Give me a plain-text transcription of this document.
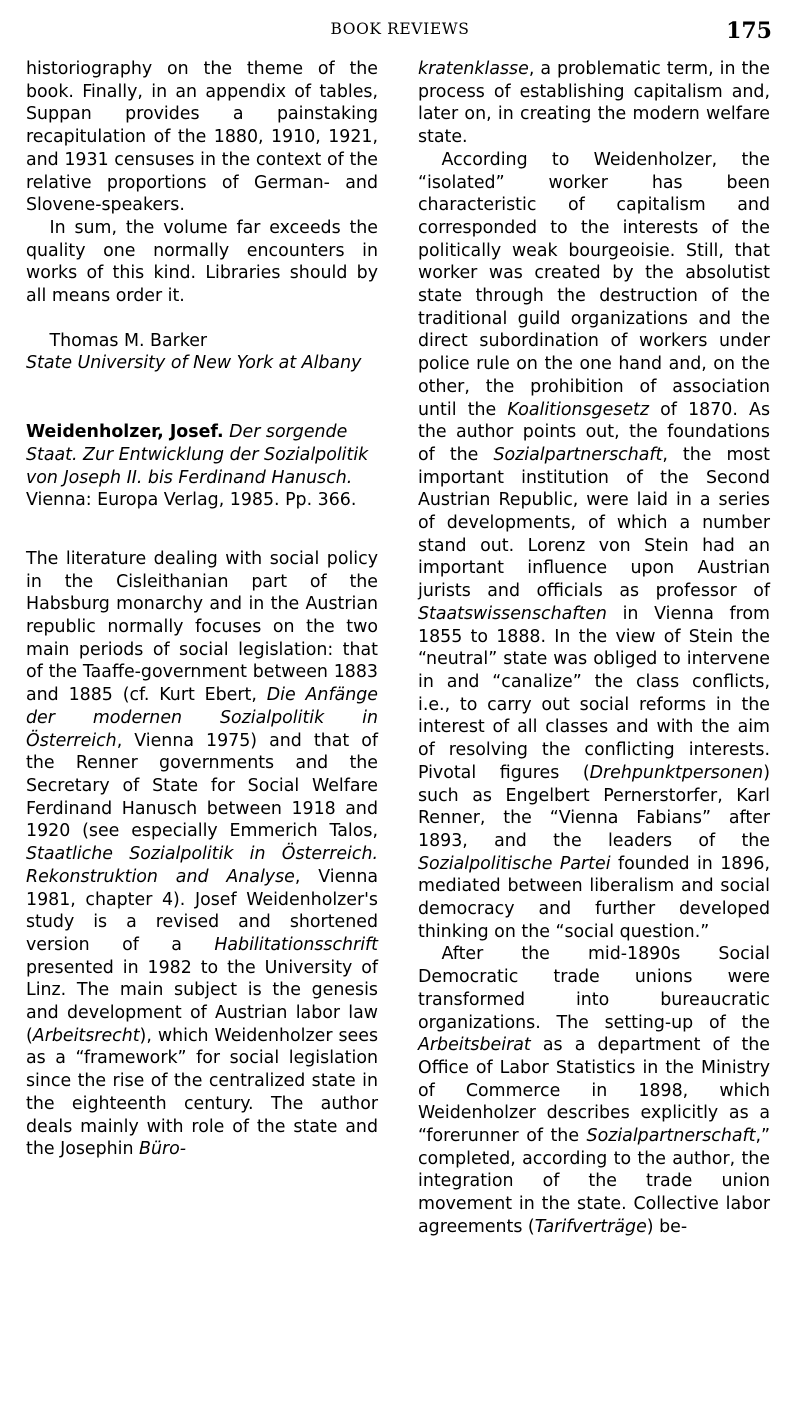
BOOK REVIEWS	175

historiography on the theme of the book. Finally, in an appendix of tables, Suppan provides a painstaking recapitulation of the 1880, 1910, 1921, and 1931 censuses in the context of the relative proportions of German- and Slovene-speakers.

In sum, the volume far exceeds the quality one normally encounters in works of this kind. Libraries should by all means order it.

Thomas M. Barker
State University of New York at Albany

Weidenholzer, Josef. Der sorgende Staat. Zur Entwicklung der Sozialpolitik von Joseph II. bis Ferdinand Hanusch. Vienna: Europa Verlag, 1985. Pp. 366.

The literature dealing with social policy in the Cisleithanian part of the Habsburg monarchy and in the Austrian republic normally focuses on the two main periods of social legislation: that of the Taaffe-government between 1883 and 1885 (cf. Kurt Ebert, Die Anfänge der modernen Sozialpolitik in Österreich, Vienna 1975) and that of the Renner governments and the Secretary of State for Social Welfare Ferdinand Hanusch between 1918 and 1920 (see especially Emmerich Talos, Staatliche Sozialpolitik in Österreich. Rekonstruktion and Analyse, Vienna 1981, chapter 4). Josef Weidenholzer's study is a revised and shortened version of a Habilitationsschrift presented in 1982 to the University of Linz. The main subject is the genesis and development of Austrian labor law (Arbeitsrecht), which Weidenholzer sees as a “framework” for social legislation since the rise of the centralized state in the eighteenth century. The author deals mainly with role of the state and the Josephin Büro-

kratenklasse, a problematic term, in the process of establishing capitalism and, later on, in creating the modern welfare state.

According to Weidenholzer, the “isolated” worker has been characteristic of capitalism and corresponded to the interests of the politically weak bourgeoisie. Still, that worker was created by the absolutist state through the destruction of the traditional guild organizations and the direct subordination of workers under police rule on the one hand and, on the other, the prohibition of association until the Koalitionsgesetz of 1870. As the author points out, the foundations of the Sozialpartnerschaft, the most important institution of the Second Austrian Republic, were laid in a series of developments, of which a number stand out. Lorenz von Stein had an important influence upon Austrian jurists and officials as professor of Staatswissenschaften in Vienna from 1855 to 1888. In the view of Stein the “neutral” state was obliged to intervene in and “canalize” the class conflicts, i.e., to carry out social reforms in the interest of all classes and with the aim of resolving the conflicting interests. Pivotal figures (Drehpunktpersonen) such as Engelbert Pernerstorfer, Karl Renner, the “Vienna Fabians” after 1893, and the leaders of the Sozialpolitische Partei founded in 1896, mediated between liberalism and social democracy and further developed thinking on the “social question.”

After the mid-1890s Social Democratic trade unions were transformed into bureaucratic organizations. The setting-up of the Arbeitsbeirat as a department of the Office of Labor Statistics in the Ministry of Commerce in 1898, which Weidenholzer describes explicitly as a “forerunner of the Sozialpartnerschaft,” completed, according to the author, the integration of the trade union movement in the state. Collective labor agreements (Tarifverträge) be-
